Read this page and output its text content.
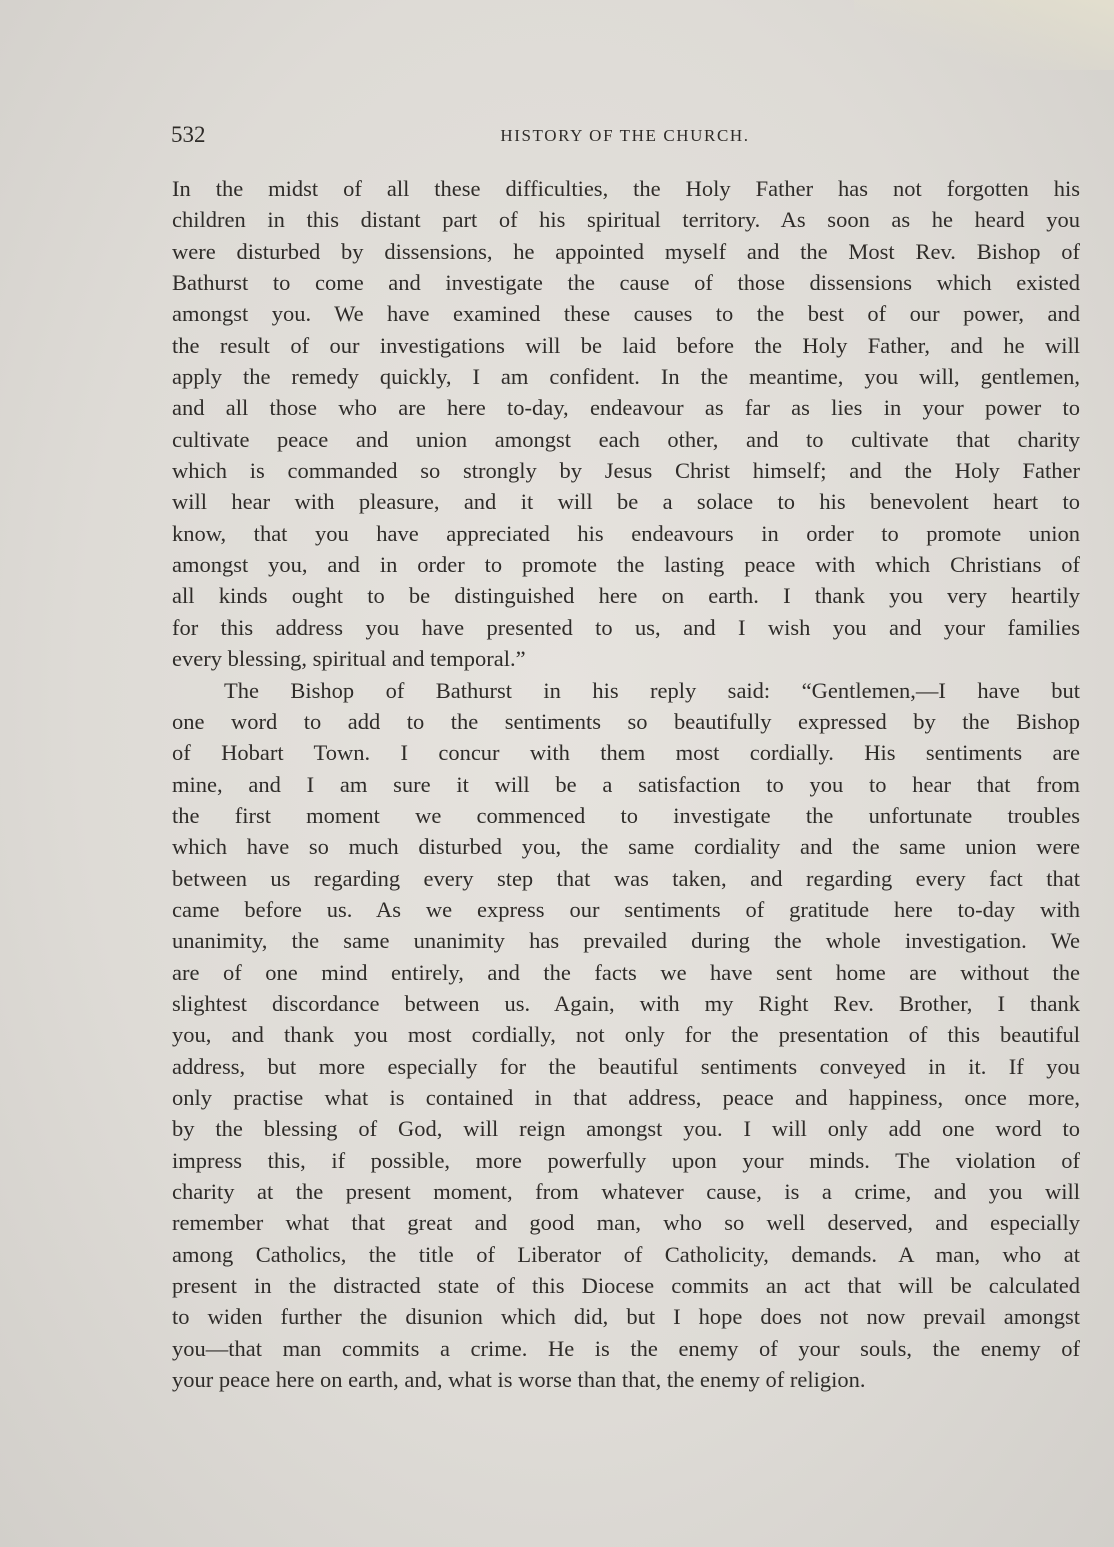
532	HISTORY OF THE CHURCH.

In the midst of all these difficulties, the Holy Father has not forgotten his
children in this distant part of his spiritual territory. As soon as he heard you
were disturbed by dissensions, he appointed myself and the Most Rev. Bishop of
Bathurst to come and investigate the cause of those dissensions which existed
amongst you. We have examined these causes to the best of our power, and
the result of our investigations will be laid before the Holy Father, and he will
apply the remedy quickly, I am confident. In the meantime, you will, gentlemen,
and all those who are here to-day, endeavour as far as lies in your power to
cultivate peace and union amongst each other, and to cultivate that charity
which is commanded so strongly by Jesus Christ himself; and the Holy Father
will hear with pleasure, and it will be a solace to his benevolent heart to
know, that you have appreciated his endeavours in order to promote union
amongst you, and in order to promote the lasting peace with which Christians of
all kinds ought to be distinguished here on earth. I thank you very heartily
for this address you have presented to us, and I wish you and your families
every blessing, spiritual and temporal.”

The Bishop of Bathurst in his reply said: “Gentlemen,—I have but
one word to add to the sentiments so beautifully expressed by the Bishop
of Hobart Town. I concur with them most cordially. His sentiments are
mine, and I am sure it will be a satisfaction to you to hear that from
the first moment we commenced to investigate the unfortunate troubles
which have so much disturbed you, the same cordiality and the same union were
between us regarding every step that was taken, and regarding every fact that
came before us. As we express our sentiments of gratitude here to-day with
unanimity, the same unanimity has prevailed during the whole investigation. We
are of one mind entirely, and the facts we have sent home are without the
slightest discordance between us. Again, with my Right Rev. Brother, I thank
you, and thank you most cordially, not only for the presentation of this beautiful
address, but more especially for the beautiful sentiments conveyed in it. If you
only practise what is contained in that address, peace and happiness, once more,
by the blessing of God, will reign amongst you. I will only add one word to
impress this, if possible, more powerfully upon your minds. The violation of
charity at the present moment, from whatever cause, is a crime, and you will
remember what that great and good man, who so well deserved, and especially
among Catholics, the title of Liberator of Catholicity, demands. A man, who at
present in the distracted state of this Diocese commits an act that will be calculated
to widen further the disunion which did, but I hope does not now prevail amongst
you—that man commits a crime. He is the enemy of your souls, the enemy of
your peace here on earth, and, what is worse than that, the enemy of religion.
